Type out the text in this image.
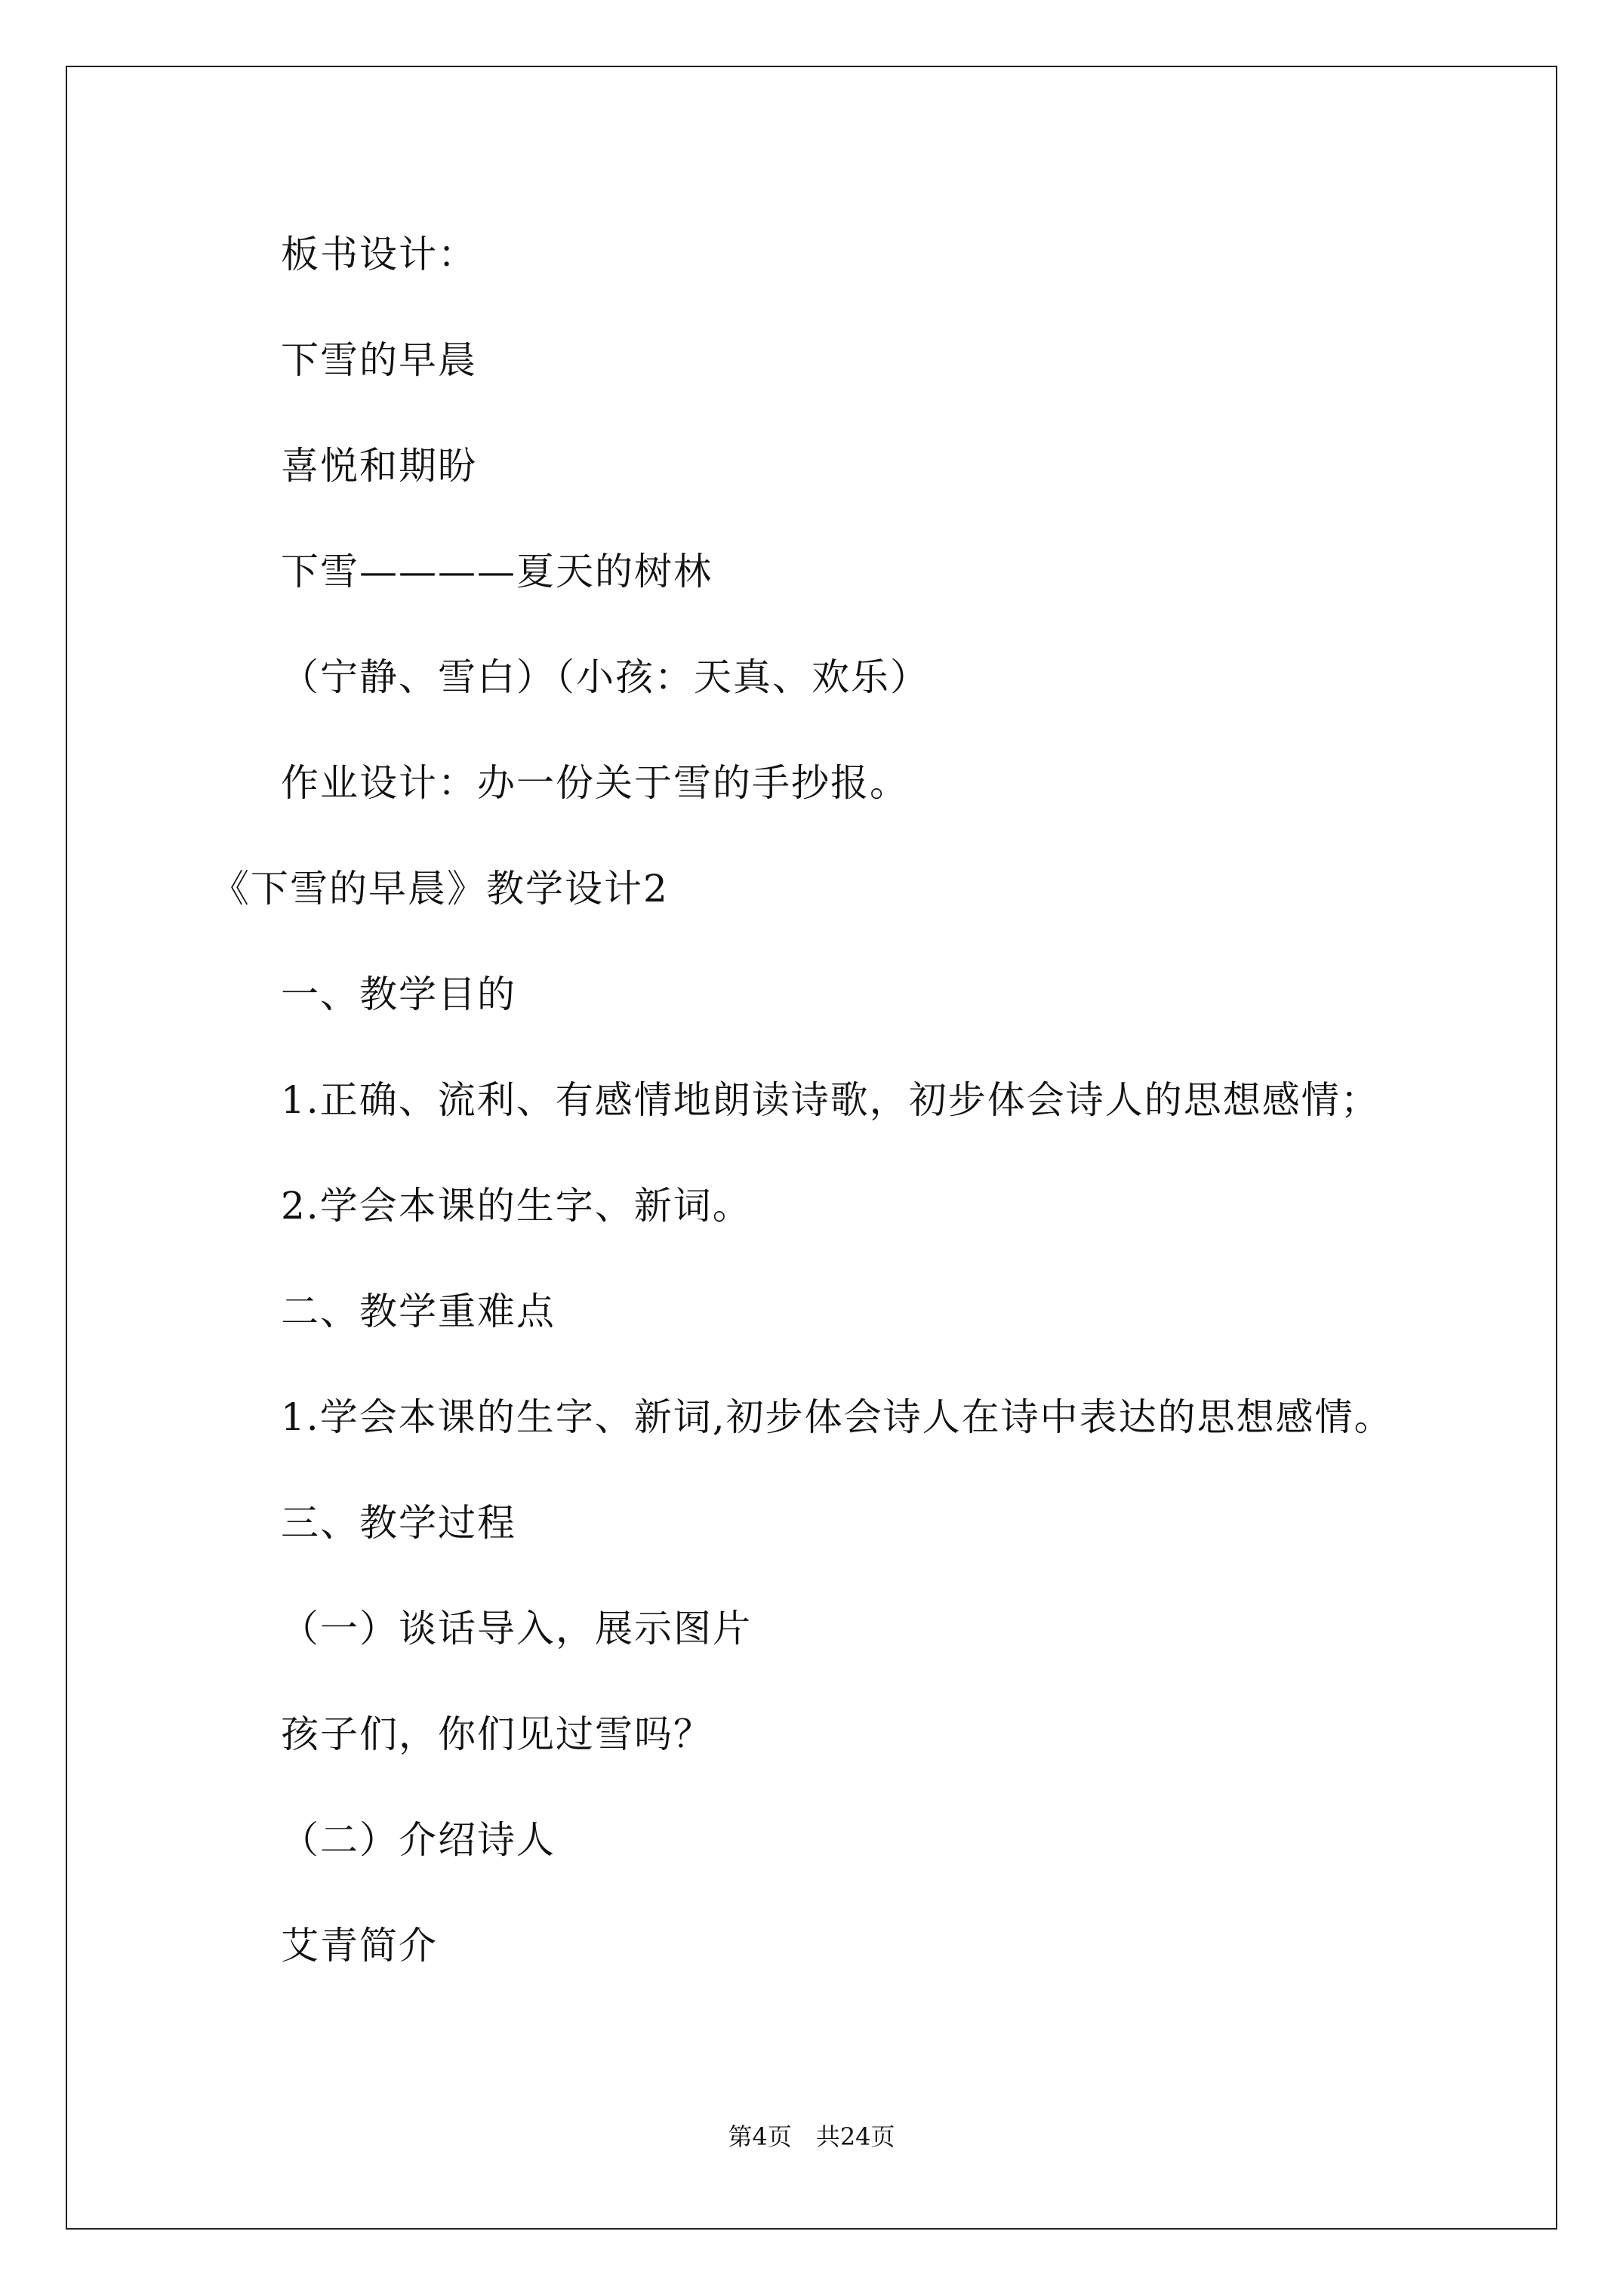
板书设计：
下雪的早晨
喜悦和期盼
下雪————夏天的树林
（宁静、雪白）（小孩：天真、欢乐）
作业设计：办一份关于雪的手抄报。
《下雪的早晨》教学设计2
一、教学目的
1.正确、流利、有感情地朗读诗歌，初步体会诗人的思想感情；
2.学会本课的生字、新词。
二、教学重难点
1.学会本课的生字、新词,初步体会诗人在诗中表达的思想感情。
三、教学过程
（一）谈话导入，展示图片
孩子们，你们见过雪吗？
（二）介绍诗人
艾青简介
第4页　共24页
